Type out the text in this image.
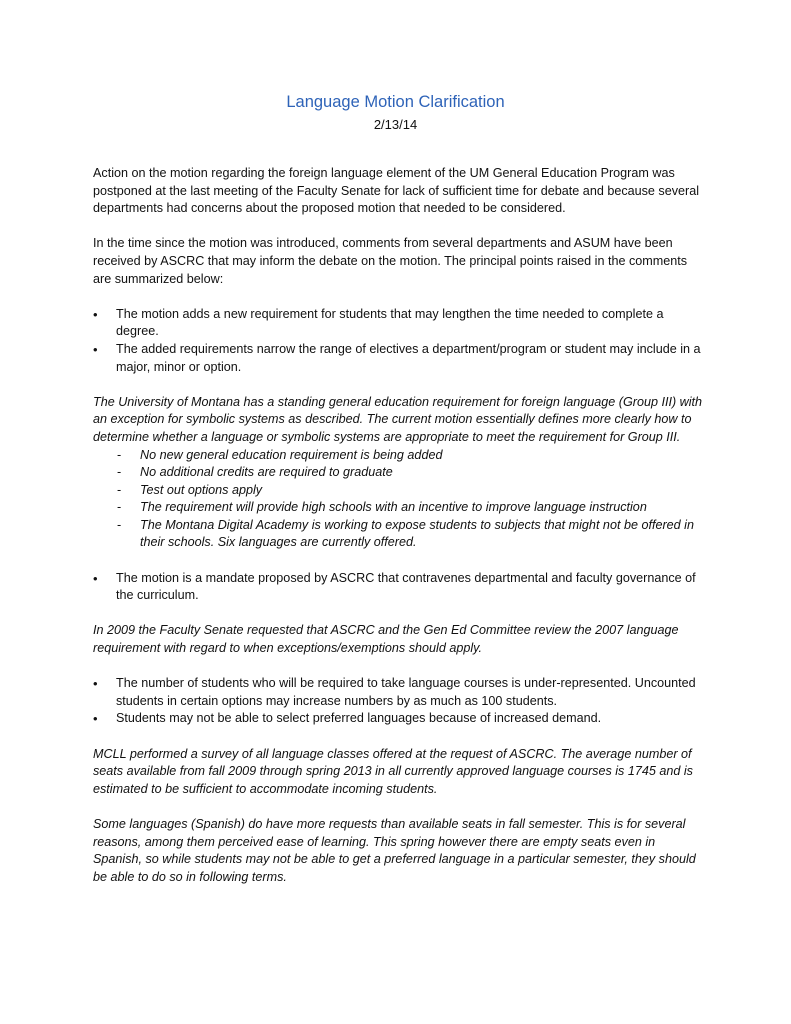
Language Motion Clarification
2/13/14

Action on the motion regarding the foreign language element of the UM General Education Program was postponed at the last meeting of the Faculty Senate for lack of sufficient time for debate and because several departments had concerns about the proposed motion that needed to be considered.

In the time since the motion was introduced, comments from several departments and ASUM have been received by ASCRC that may inform the debate on the motion. The principal points raised in the comments are summarized below:

• The motion adds a new requirement for students that may lengthen the time needed to complete a degree.
• The added requirements narrow the range of electives a department/program or student may include in a major, minor or option.

The University of Montana has a standing general education requirement for foreign language (Group III) with an exception for symbolic systems as described. The current motion essentially defines more clearly how to determine whether a language or symbolic systems are appropriate to meet the requirement for Group III.

- No new general education requirement is being added
- No additional credits are required to graduate
- Test out options apply
- The requirement will provide high schools with an incentive to improve language instruction
- The Montana Digital Academy is working to expose students to subjects that might not be offered in their schools. Six languages are currently offered.
• The motion is a mandate proposed by ASCRC that contravenes departmental and faculty governance of the curriculum.

In 2009 the Faculty Senate requested that ASCRC and the Gen Ed Committee review the 2007 language requirement with regard to when exceptions/exemptions should apply.

• The number of students who will be required to take language courses is under-represented. Uncounted students in certain options may increase numbers by as much as 100 students.
• Students may not be able to select preferred languages because of increased demand.

MCLL performed a survey of all language classes offered at the request of ASCRC. The average number of seats available from fall 2009 through spring 2013 in all currently approved language courses is 1745 and is estimated to be sufficient to accommodate incoming students.

Some languages (Spanish) do have more requests than available seats in fall semester. This is for several reasons, among them perceived ease of learning. This spring however there are empty seats even in Spanish, so while students may not be able to get a preferred language in a particular semester, they should be able to do so in following terms.
